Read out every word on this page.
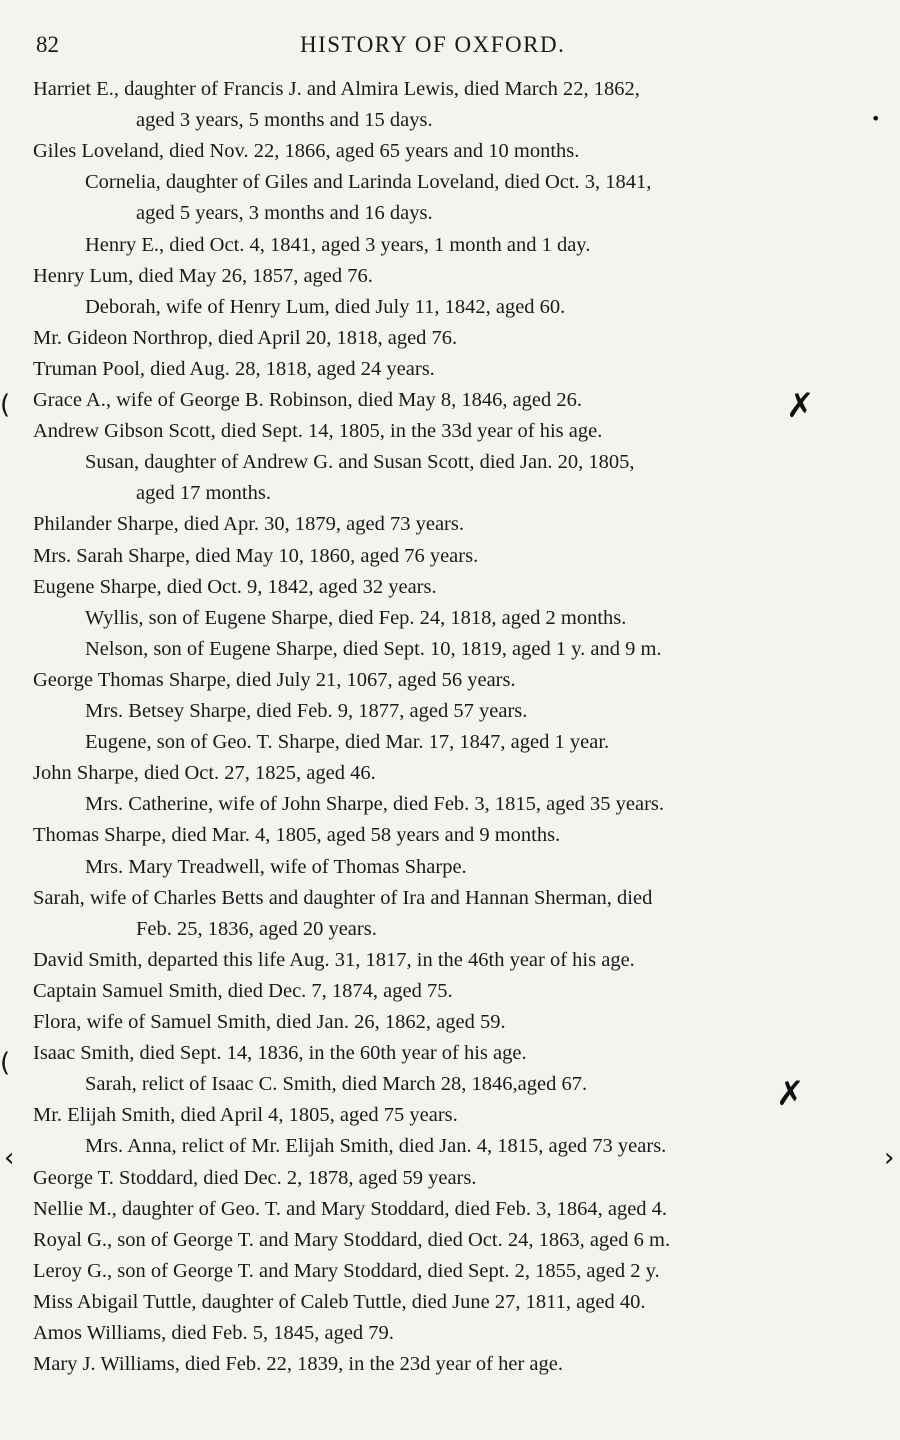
82	HISTORY OF OXFORD.
Harriet E., daughter of Francis J. and Almira Lewis, died March 22, 1862,
aged 3 years, 5 months and 15 days.
Giles Loveland, died Nov. 22, 1866, aged 65 years and 10 months.
Cornelia, daughter of Giles and Larinda Loveland, died Oct. 3, 1841,
aged 5 years, 3 months and 16 days.
Henry E., died Oct. 4, 1841, aged 3 years, 1 month and 1 day.
Henry Lum, died May 26, 1857, aged 76.
Deborah, wife of Henry Lum, died July 11, 1842, aged 60.
Mr. Gideon Northrop, died April 20, 1818, aged 76.
Truman Pool, died Aug. 28, 1818, aged 24 years.
Grace A., wife of George B. Robinson, died May 8, 1846, aged 26.
Andrew Gibson Scott, died Sept. 14, 1805, in the 33d year of his age.
Susan, daughter of Andrew G. and Susan Scott, died Jan. 20, 1805,
aged 17 months.
Philander Sharpe, died Apr. 30, 1879, aged 73 years.
Mrs. Sarah Sharpe, died May 10, 1860, aged 76 years.
Eugene Sharpe, died Oct. 9, 1842, aged 32 years.
Wyllis, son of Eugene Sharpe, died Fep. 24, 1818, aged 2 months.
Nelson, son of Eugene Sharpe, died Sept. 10, 1819, aged 1 y. and 9 m.
George Thomas Sharpe, died July 21, 1067, aged 56 years.
Mrs. Betsey Sharpe, died Feb. 9, 1877, aged 57 years.
Eugene, son of Geo. T. Sharpe, died Mar. 17, 1847, aged 1 year.
John Sharpe, died Oct. 27, 1825, aged 46.
Mrs. Catherine, wife of John Sharpe, died Feb. 3, 1815, aged 35 years.
Thomas Sharpe, died Mar. 4, 1805, aged 58 years and 9 months.
Mrs. Mary Treadwell, wife of Thomas Sharpe.
Sarah, wife of Charles Betts and daughter of Ira and Hannan Sherman, died
Feb. 25, 1836, aged 20 years.
David Smith, departed this life Aug. 31, 1817, in the 46th year of his age.
Captain Samuel Smith, died Dec. 7, 1874, aged 75.
Flora, wife of Samuel Smith, died Jan. 26, 1862, aged 59.
Isaac Smith, died Sept. 14, 1836, in the 60th year of his age.
Sarah, relict of Isaac C. Smith, died March 28, 1846,aged 67.
Mr. Elijah Smith, died April 4, 1805, aged 75 years.
Mrs. Anna, relict of Mr. Elijah Smith, died Jan. 4, 1815, aged 73 years.
George T. Stoddard, died Dec. 2, 1878, aged 59 years.
Nellie M., daughter of Geo. T. and Mary Stoddard, died Feb. 3, 1864, aged 4.
Royal G., son of George T. and Mary Stoddard, died Oct. 24, 1863, aged 6 m.
Leroy G., son of George T. and Mary Stoddard, died Sept. 2, 1855, aged 2 y.
Miss Abigail Tuttle, daughter of Caleb Tuttle, died June 27, 1811, aged 40.
Amos Williams, died Feb. 5, 1845, aged 79.
Mary J. Williams, died Feb. 22, 1839, in the 23d year of her age.
✗
✗
(
(
‹	›
•
